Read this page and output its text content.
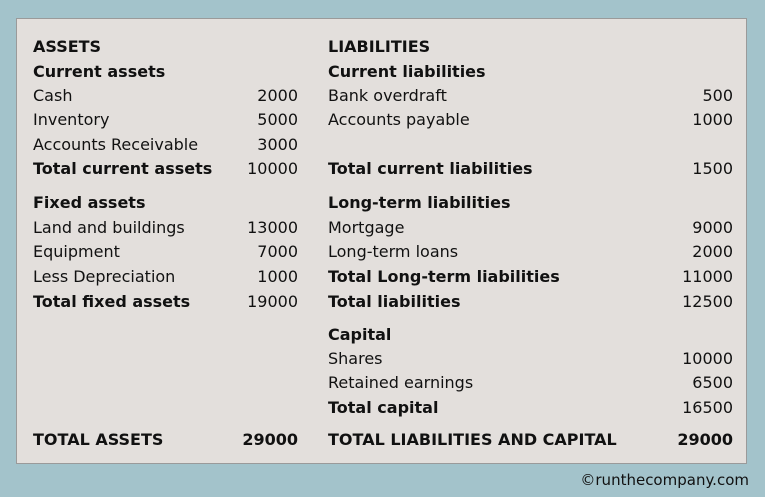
ASSETS
Current assets
Cash	2000
Inventory	5000
Accounts Receivable	3000
Total current assets 10000
Fixed assets
Land and buildings	13000
Equipment	7000
Less Depreciation	1000
Total fixed assets	19000
TOTAL ASSETS	29000
LIABILITIES
Current liabilities
Bank overdraft	500
Accounts payable	1000
Total current liabilities	1500
Long-term liabilities
Mortgage	9000
Long-term loans	2000
Total Long-term liabilities	11000
Total liabilities	12500
Capital
Shares	10000
Retained earnings	6500
Total capital	16500
TOTAL LIABILITIES AND CAPITAL	29000
©runthecompany.com
